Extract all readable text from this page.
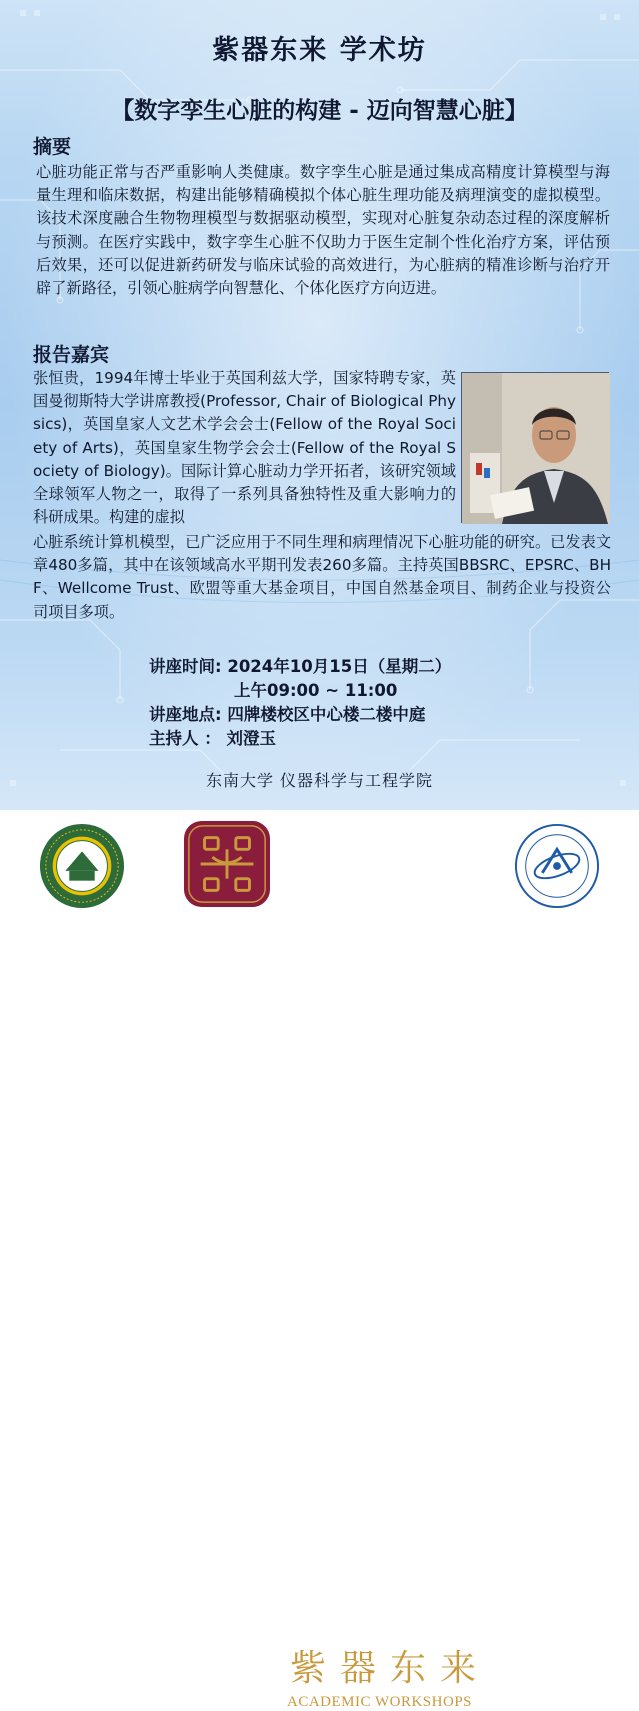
紫器东来 学术坊
【数字孪生心脏的构建 - 迈向智慧心脏】
摘要
心脏功能正常与否严重影响人类健康。数字孪生心脏是通过集成高精度计算模型与海量生理和临床数据，构建出能够精确模拟个体心脏生理功能及病理演变的虚拟模型。该技术深度融合生物物理模型与数据驱动模型，实现对心脏复杂动态过程的深度解析与预测。在医疗实践中，数字孪生心脏不仅助力于医生定制个性化治疗方案，评估预后效果，还可以促进新药研发与临床试验的高效进行，为心脏病的精准诊断与治疗开辟了新路径，引领心脏病学向智慧化、个体化医疗方向迈进。
报告嘉宾
张恒贵，1994年博士毕业于英国利兹大学，国家特聘专家，英国曼彻斯特大学讲席教授(Professor, Chair of Biological Physics)，英国皇家人文艺术学会会士(Fellow of the Royal Society of Arts)，英国皇家生物学会会士(Fellow of the Royal Society of Biology)。国际计算心脏动力学开拓者，该研究领域全球领军人物之一，取得了一系列具备独特性及重大影响力的科研成果。构建的虚拟
心脏系统计算机模型，已广泛应用于不同生理和病理情况下心脏功能的研究。已发表文章480多篇，其中在该领域高水平期刊发表260多篇。主持英国BBSRC、EPSRC、BHF、Wellcome Trust、欧盟等重大基金项目，中国自然基金项目、制药企业与投资公司项目多项。
讲座时间: 2024年10月15日（星期二）
上午09:00 ~ 11:00
讲座地点: 四牌楼校区中心楼二楼中庭
主持人 ： 刘澄玉
东南大学 仪器科学与工程学院
紫器东来
ACADEMIC WORKSHOPS
